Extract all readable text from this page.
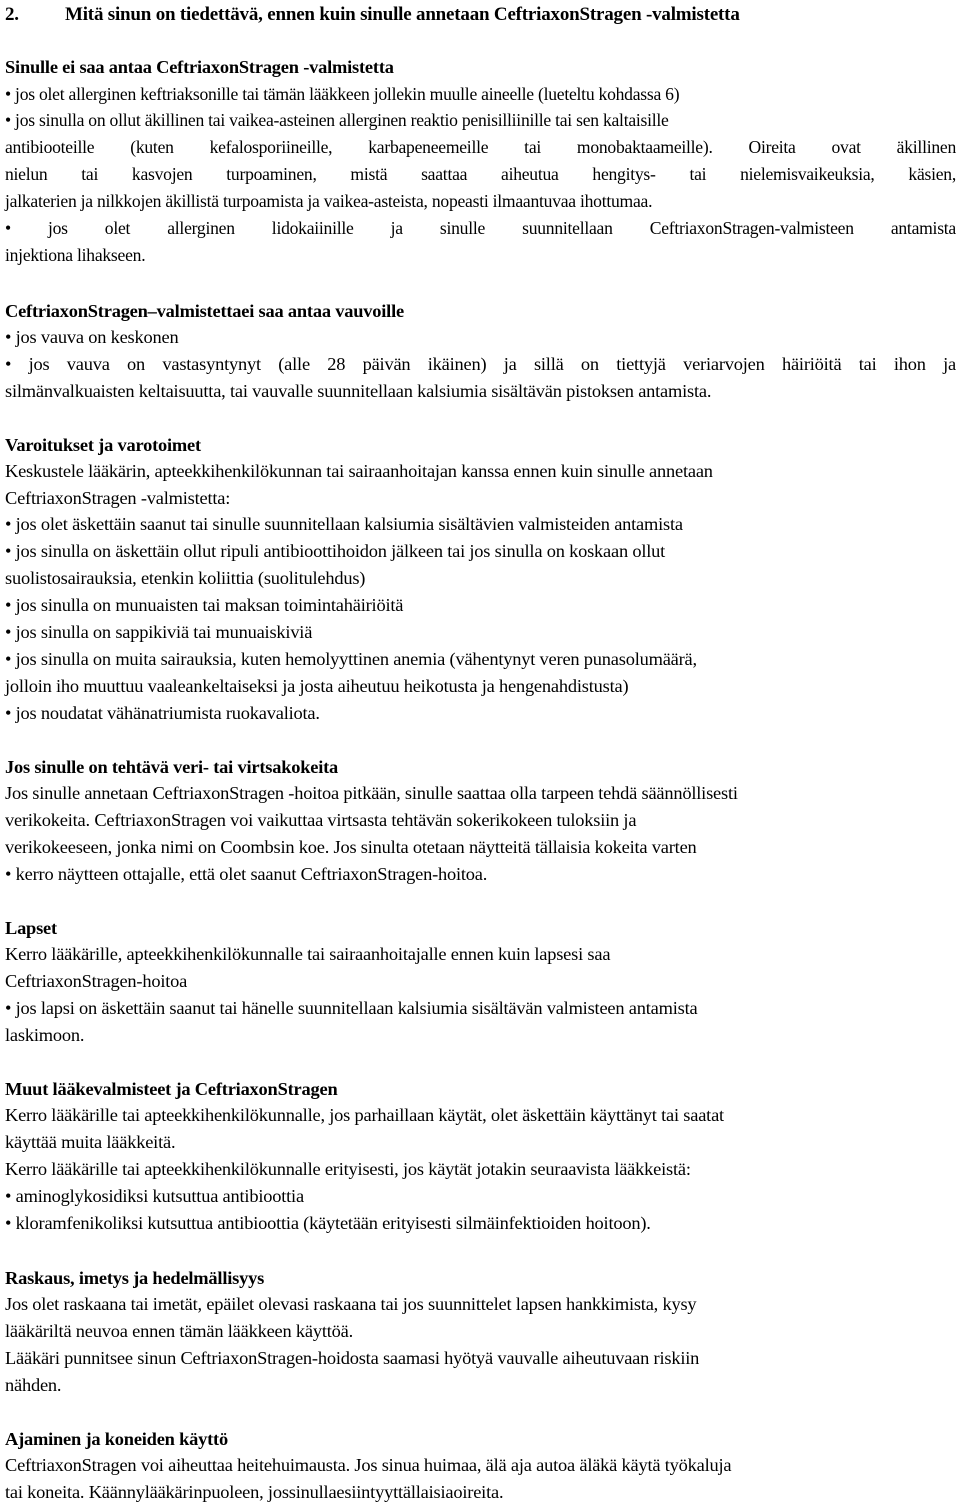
2. Mitä sinun on tiedettävä, ennen kuin sinulle annetaan CeftriaxonStragen -valmistetta
Sinulle ei saa antaa CeftriaxonStragen -valmistetta
• jos olet allerginen keftriaksonille tai tämän lääkkeen jollekin muulle aineelle (lueteltu kohdassa 6)
• jos sinulla on ollut äkillinen tai vaikea-asteinen allerginen reaktio penisilliinille tai sen kaltaisille
antibiooteille (kuten kefalosporiineille, karbapeneemeille tai monobaktaameille). Oireita ovat äkillinen
nielun tai kasvojen turpoaminen, mistä saattaa aiheutua hengitys- tai nielemisvaikeuksia, käsien,
jalkaterien ja nilkkojen äkillistä turpoamista ja vaikea-asteista, nopeasti ilmaantuvaa ihottumaa.
• jos olet allerginen lidokaiinille ja sinulle suunnitellaan CeftriaxonStragen-valmisteen antamista
injektiona lihakseen.
CeftriaxonStragen–valmistettaei saa antaa vauvoille
• jos vauva on keskonen
• jos vauva on vastasyntynyt (alle 28 päivän ikäinen) ja sillä on tiettyjä veriarvojen häiriöitä tai ihon ja
silmänvalkuaisten keltaisuutta, tai vauvalle suunnitellaan kalsiumia sisältävän pistoksen antamista.
Varoitukset ja varotoimet
Keskustele lääkärin, apteekkihenkilökunnan tai sairaanhoitajan kanssa ennen kuin sinulle annetaan
CeftriaxonStragen -valmistetta:
• jos olet äskettäin saanut tai sinulle suunnitellaan kalsiumia sisältävien valmisteiden antamista
• jos sinulla on äskettäin ollut ripuli antibioottihoidon jälkeen tai jos sinulla on koskaan ollut
suolistosairauksia, etenkin koliittia (suolitulehdus)
• jos sinulla on munuaisten tai maksan toimintahäiriöitä
• jos sinulla on sappikiviä tai munuaiskiviä
• jos sinulla on muita sairauksia, kuten hemolyyttinen anemia (vähentynyt veren punasolumäärä,
jolloin iho muuttuu vaaleankeltaiseksi ja josta aiheutuu heikotusta ja hengenahdistusta)
• jos noudatat vähänatriumista ruokavaliota.
Jos sinulle on tehtävä veri- tai virtsakokeita
Jos sinulle annetaan CeftriaxonStragen -hoitoa pitkään, sinulle saattaa olla tarpeen tehdä säännöllisesti
verikokeita. CeftriaxonStragen voi vaikuttaa virtsasta tehtävän sokerikokeen tuloksiin ja
verikokeeseen, jonka nimi on Coombsin koe. Jos sinulta otetaan näytteitä tällaisia kokeita varten
• kerro näytteen ottajalle, että olet saanut CeftriaxonStragen-hoitoa.
Lapset
Kerro lääkärille, apteekkihenkilökunnalle tai sairaanhoitajalle ennen kuin lapsesi saa
CeftriaxonStragen-hoitoa
• jos lapsi on äskettäin saanut tai hänelle suunnitellaan kalsiumia sisältävän valmisteen antamista
laskimoon.
Muut lääkevalmisteet ja CeftriaxonStragen
Kerro lääkärille tai apteekkihenkilökunnalle, jos parhaillaan käytät, olet äskettäin käyttänyt tai saatat
käyttää muita lääkkeitä.
Kerro lääkärille tai apteekkihenkilökunnalle erityisesti, jos käytät jotakin seuraavista lääkkeistä:
• aminoglykosidiksi kutsuttua antibioottia
• kloramfenikoliksi kutsuttua antibioottia (käytetään erityisesti silmäinfektioiden hoitoon).
Raskaus, imetys ja hedelmällisyys
Jos olet raskaana tai imetät, epäilet olevasi raskaana tai jos suunnittelet lapsen hankkimista, kysy
lääkäriltä neuvoa ennen tämän lääkkeen käyttöä.
Lääkäri punnitsee sinun CeftriaxonStragen-hoidosta saamasi hyötyä vauvalle aiheutuvaan riskiin
nähden.
Ajaminen ja koneiden käyttö
CeftriaxonStragen voi aiheuttaa heitehuimausta. Jos sinua huimaa, älä aja autoa äläkä käytä työkaluja
tai koneita. Käännylääkärinpuoleen, jossinullaesiintyyttällaisiaoireita.
